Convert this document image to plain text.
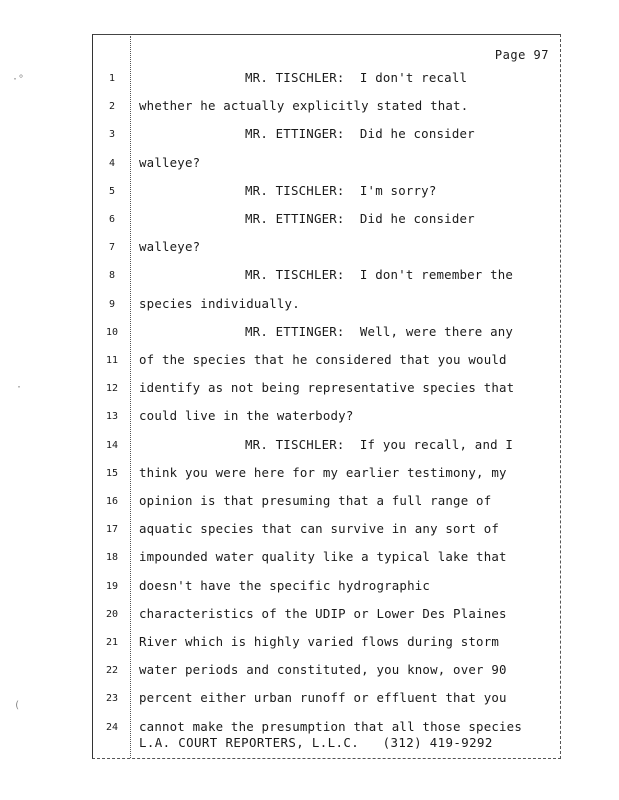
·°
·
(
Page 97
1	MR. TISCHLER:  I don't recall
2	whether he actually explicitly stated that.
3	MR. ETTINGER:  Did he consider
4	walleye?
5	MR. TISCHLER:  I'm sorry?
6	MR. ETTINGER:  Did he consider
7	walleye?
8	MR. TISCHLER:  I don't remember the
9	species individually.
10	MR. ETTINGER:  Well, were there any
11	of the species that he considered that you would
12	identify as not being representative species that
13	could live in the waterbody?
14	MR. TISCHLER:  If you recall, and I
15	think you were here for my earlier testimony, my
16	opinion is that presuming that a full range of
17	aquatic species that can survive in any sort of
18	impounded water quality like a typical lake that
19	doesn't have the specific hydrographic
20	characteristics of the UDIP or Lower Des Plaines
21	River which is highly varied flows during storm
22	water periods and constituted, you know, over 90
23	percent either urban runoff or effluent that you
24	cannot make the presumption that all those species
L.A. COURT REPORTERS, L.L.C.   (312) 419-9292
